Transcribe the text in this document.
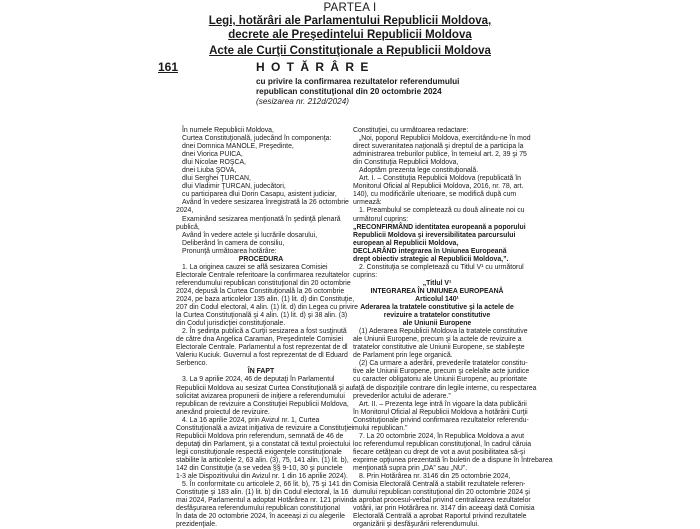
PARTEA I
Legi, hotărâri ale Parlamentului Republicii Moldova,
decrete ale Preşedintelui Republicii Moldova
Acte ale Curţii Constituţionale a Republicii Moldova
161	H O T Ă R Â R E
cu privire la confirmarea rezultatelor referendumului
republican constituţional din 20 octombrie 2024
(sesizarea nr. 212d/2024)
În numele Republicii Moldova,
Curtea Constituţională, judecând în componenţa:
dnei Domnica MANOLE, Preşedinte,
dnei Viorica PUICA,
dlui Nicolae ROŞCA,
dnei Liuba ŞOVA,
dlui Serghei ŢURCAN,
dlui Vladimir ŢURCAN, judecători,
cu participarea dlui Dorin Casapu, asistent judiciar,
Având în vedere sesizarea înregistrată la 26 octombrie
2024,
Examinând sesizarea menţionată în şedinţă plenară
publică,
Având în vedere actele şi lucrările dosarului,
Deliberând în camera de consiliu,
Pronunţă următoarea hotărâre:
PROCEDURA
1. La originea cauzei se află sesizarea Comisiei
Electorale Centrale referitoare la confirmarea rezultatelor
referendumului republican constituţional din 20 octombrie
2024, depusă la Curtea Constituţională la 26 octombrie
2024, pe baza articolelor 135 alin. (1) lit. d) din Constituţie,
207 din Codul electoral, 4 alin. (1) lit. d) din Legea cu privire
la Curtea Constituţională şi 4 alin. (1) lit. d) şi 38 alin. (3)
din Codul jurisdicţiei constituţionale.
2. În şedinţa publică a Curţii sesizarea a fost susţinută
de către dna Angelica Caraman, Preşedintele Comisiei
Electorale Centrale. Parlamentul a fost reprezentat de dl
Valeriu Kuciuk. Guvernul a fost reprezentat de dl Eduard
Serbenco.
ÎN FAPT
3. La 9 aprilie 2024, 46 de deputaţi în Parlamentul
Republicii Moldova au sesizat Curtea Constituţională şi au
solicitat avizarea propunerii de iniţiere a referendumului
republican de revizuire a Constituţiei Republicii Moldova,
anexând proiectul de revizuire.
4. La 16 aprilie 2024, prin Avizul nr. 1, Curtea
Constituţională a avizat iniţiativa de revizuire a Constituţiei
Republicii Moldova prin referendum, semnată de 46 de
deputaţi din Parlament, şi a constatat că textul proiectului
legii constituţionale respectă exigenţele constituţionale
stabilite la articolele 2, 63 alin. (3), 75, 141 alin. (1) lit. b),
142 din Constituţie (a se vedea §§ 9-10, 30 şi punctele
1-3 ale Dispozitivului din Avizul nr. 1 din 16 aprilie 2024).
5. În conformitate cu articolele 2, 66 lit. b), 75 şi 141 din
Constituţie şi 183 alin. (1) lit. b) din Codul electoral, la 16
mai 2024, Parlamentul a adoptat Hotărârea nr. 121 privind
desfăşurarea referendumului republican constituţional
în data de 20 octombrie 2024, în aceeaşi zi cu alegerile
prezidenţiale.
Constituţiei, cu următoarea redactare:
„Noi, poporul Republicii Moldova, exercitându-ne în mod
direct suveranitatea naţională şi dreptul de a participa la
administrarea treburilor publice, în temeiul art. 2, 39 şi 75
din Constituţia Republicii Moldova,
Adoptăm prezenta lege constituţională.
Art. I. – Constituţia Republicii Moldova (republicată în
Monitorul Oficial al Republicii Moldova, 2016, nr. 78, art.
140), cu modificările ulterioare, se modifică după cum
urmează:
1. Preambulul se completează cu două alineate noi cu
următorul cuprins:
„RECONFIRMÂND identitatea europeană a poporului
Republicii Moldova şi ireversibilitatea parcursului
european al Republicii Moldova,
DECLARÂND integrarea în Uniunea Europeană
drept obiectiv strategic al Republicii Moldova,”.
2. Constituţia se completează cu Titlul V¹ cu următorul
cuprins:
„Titlul V¹
INTEGRAREA ÎN UNIUNEA EUROPEANĂ
Articolul 140¹
Aderarea la tratatele constitutive şi la actele de
revizuire a tratatelor constitutive
ale Uniunii Europene
(1) Aderarea Republicii Moldova la tratatele constitutive
ale Uniunii Europene, precum şi la actele de revizuire a
tratatelor constitutive ale Uniunii Europene, se stabileşte
de Parlament prin lege organică.
(2) Ca urmare a aderării, prevederile tratatelor constitu-
tive ale Uniunii Europene, precum şi celelalte acte juridice
cu caracter obligatoriu ale Uniunii Europene, au prioritate
faţă de dispoziţiile contrare din legile interne, cu respectarea
prevederilor actului de aderare.”
Art. II. – Prezenta lege intră în vigoare la data publicării
în Monitorul Oficial al Republicii Moldova a hotărârii Curţii
Constituţionale privind confirmarea rezultatelor referendu-
mului republican.”
7. La 20 octombrie 2024, în Republica Moldova a avut
loc referendumul republican constituţional, în cadrul căruia
fiecare cetăţean cu drept de vot a avut posibilitatea să-şi
exprime opţiunea prezentată în buletin de a dispune în întrebarea
menţionată supra prin „DA” sau „NU”.
8. Prin Hotărârea nr. 3146 din 25 octombrie 2024,
Comisia Electorală Centrală a stabilit rezultatele referen-
dumului republican constituţional din 20 octombrie 2024 şi
a aprobat procesul-verbal privind centralizarea rezultatelor
votării, iar prin Hotărârea nr. 3147 din aceeaşi dată Comisia
Electorală Centrală a aprobat Raportul privind rezultatele
organizării şi desfăşurării referendumului.
